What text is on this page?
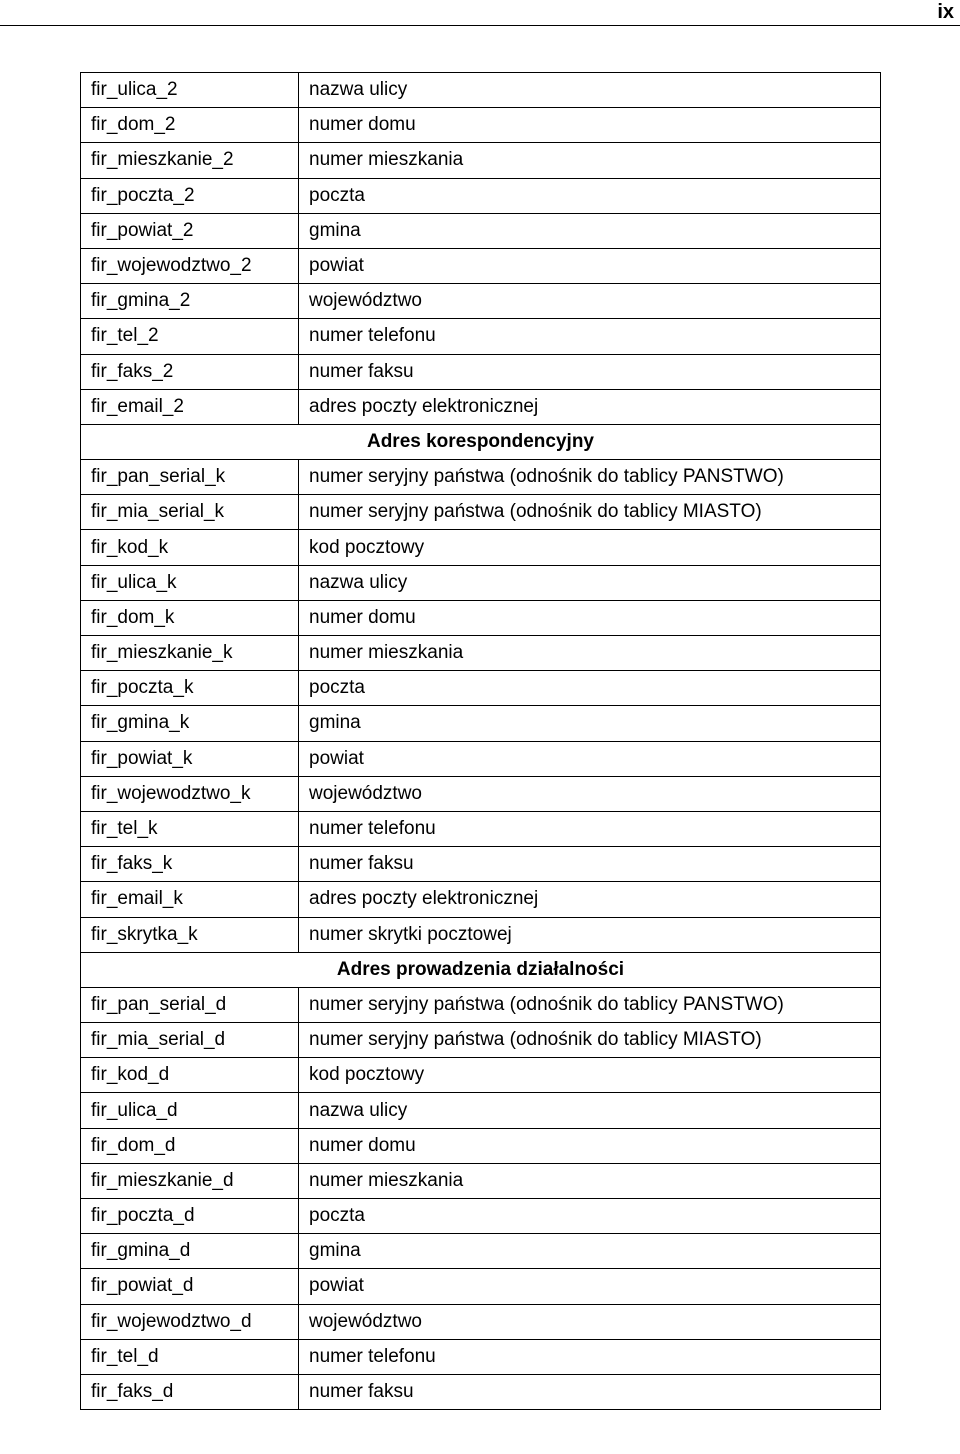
ix
fir_ulica_2	nazwa ulicy
fir_dom_2	numer domu
fir_mieszkanie_2	numer mieszkania
fir_poczta_2	poczta
fir_powiat_2	gmina
fir_wojewodztwo_2	powiat
fir_gmina_2	województwo
fir_tel_2	numer telefonu
fir_faks_2	numer faksu
fir_email_2	adres poczty elektronicznej
Adres korespondencyjny	
fir_pan_serial_k	numer seryjny państwa (odnośnik do tablicy PANSTWO)
fir_mia_serial_k	numer seryjny państwa (odnośnik do tablicy MIASTO)
fir_kod_k	kod pocztowy
fir_ulica_k	nazwa ulicy
fir_dom_k	numer domu
fir_mieszkanie_k	numer mieszkania
fir_poczta_k	poczta
fir_gmina_k	gmina
fir_powiat_k	powiat
fir_wojewodztwo_k	województwo
fir_tel_k	numer telefonu
fir_faks_k	numer faksu
fir_email_k	adres poczty elektronicznej
fir_skrytka_k	numer skrytki pocztowej
Adres prowadzenia działalności	
fir_pan_serial_d	numer seryjny państwa (odnośnik do tablicy PANSTWO)
fir_mia_serial_d	numer seryjny państwa (odnośnik do tablicy MIASTO)
fir_kod_d	kod pocztowy
fir_ulica_d	nazwa ulicy
fir_dom_d	numer domu
fir_mieszkanie_d	numer mieszkania
fir_poczta_d	poczta
fir_gmina_d	gmina
fir_powiat_d	powiat
fir_wojewodztwo_d	województwo
fir_tel_d	numer telefonu
fir_faks_d	numer faksu
